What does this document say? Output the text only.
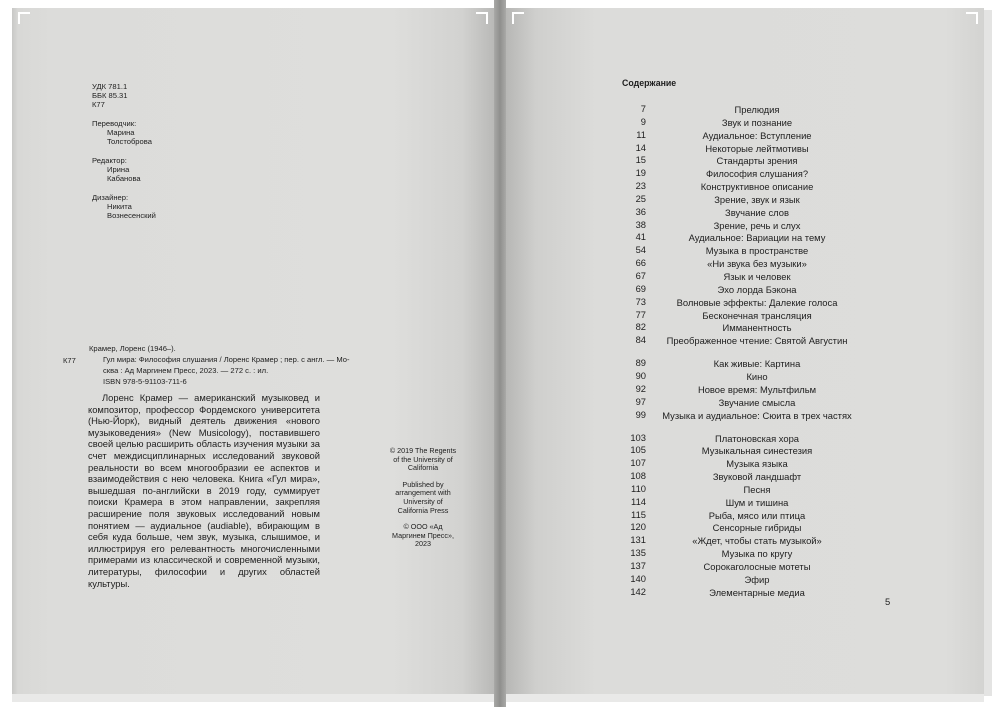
УДК 781.1
ББК 85.31
К77
Переводчик:
Марина
Толстоброва
Редактор:
Ирина
Кабанова
Дизайнер:
Никита
Вознесенский
К77
Крамер, Лоренс (1946–).
Гул мира: Философия слушания / Лоренс Крамер ; пер. с англ. — Мо-
сква : Ад Маргинем Пресс, 2023. — 272 с. : ил.
ISBN 978-5-91103-711-6

Лоренс Крамер — американский музыковед и композитор, профессор Фордемского университета (Нью-Йорк), видный деятель движения «нового музыковедения» (New Musicology), поставившего своей целью расширить область изучения музыки за счет междисциплинарных исследований звуковой реальности во всем многообразии ее аспектов и взаимодействия с нею человека. Книга «Гул мира», вышедшая по-английски в 2019 году, суммирует поиски Крамера в этом направлении, закрепляя расширение поля звуковых исследований новым понятием — аудиальное (audiable), вбирающим в себя куда больше, чем звук, музыка, слышимое, и иллюстрируя его релевантность многочисленными примерами из классической и современной музыки, литературы, философии и других областей культуры.

© 2019 The Regents of the University of California
Published by arrangement with University of California Press
© ООО «Ад Маргинем Пресс», 2023
Содержание
7	Прелюдия
9	Звук и познание
11	Аудиальное: Вступление
14	Некоторые лейтмотивы
15	Стандарты зрения
19	Философия слушания?
23	Конструктивное описание
25	Зрение, звук и язык
36	Звучание слов
38	Зрение, речь и слух
41	Аудиальное: Вариации на тему
54	Музыка в пространстве
66	«Ни звука без музыки»
67	Язык и человек
69	Эхо лорда Бэкона
73	Волновые эффекты: Далекие голоса
77	Бесконечная трансляция
82	Имманентность
84	Преображенное чтение: Святой Августин
89	Как живые: Картина
90	Кино
92	Новое время: Мультфильм
97	Звучание смысла
99	Музыка и аудиальное: Сюита в трех частях
103	Платоновская хора
105	Музыкальная синестезия
107	Музыка языка
108	Звуковой ландшафт
110	Песня
114	Шум и тишина
115	Рыба, мясо или птица
120	Сенсорные гибриды
131	«Ждет, чтобы стать музыкой»
135	Музыка по кругу
137	Сорокаголосные мотеты
140	Эфир
142	Элементарные медиа
5
